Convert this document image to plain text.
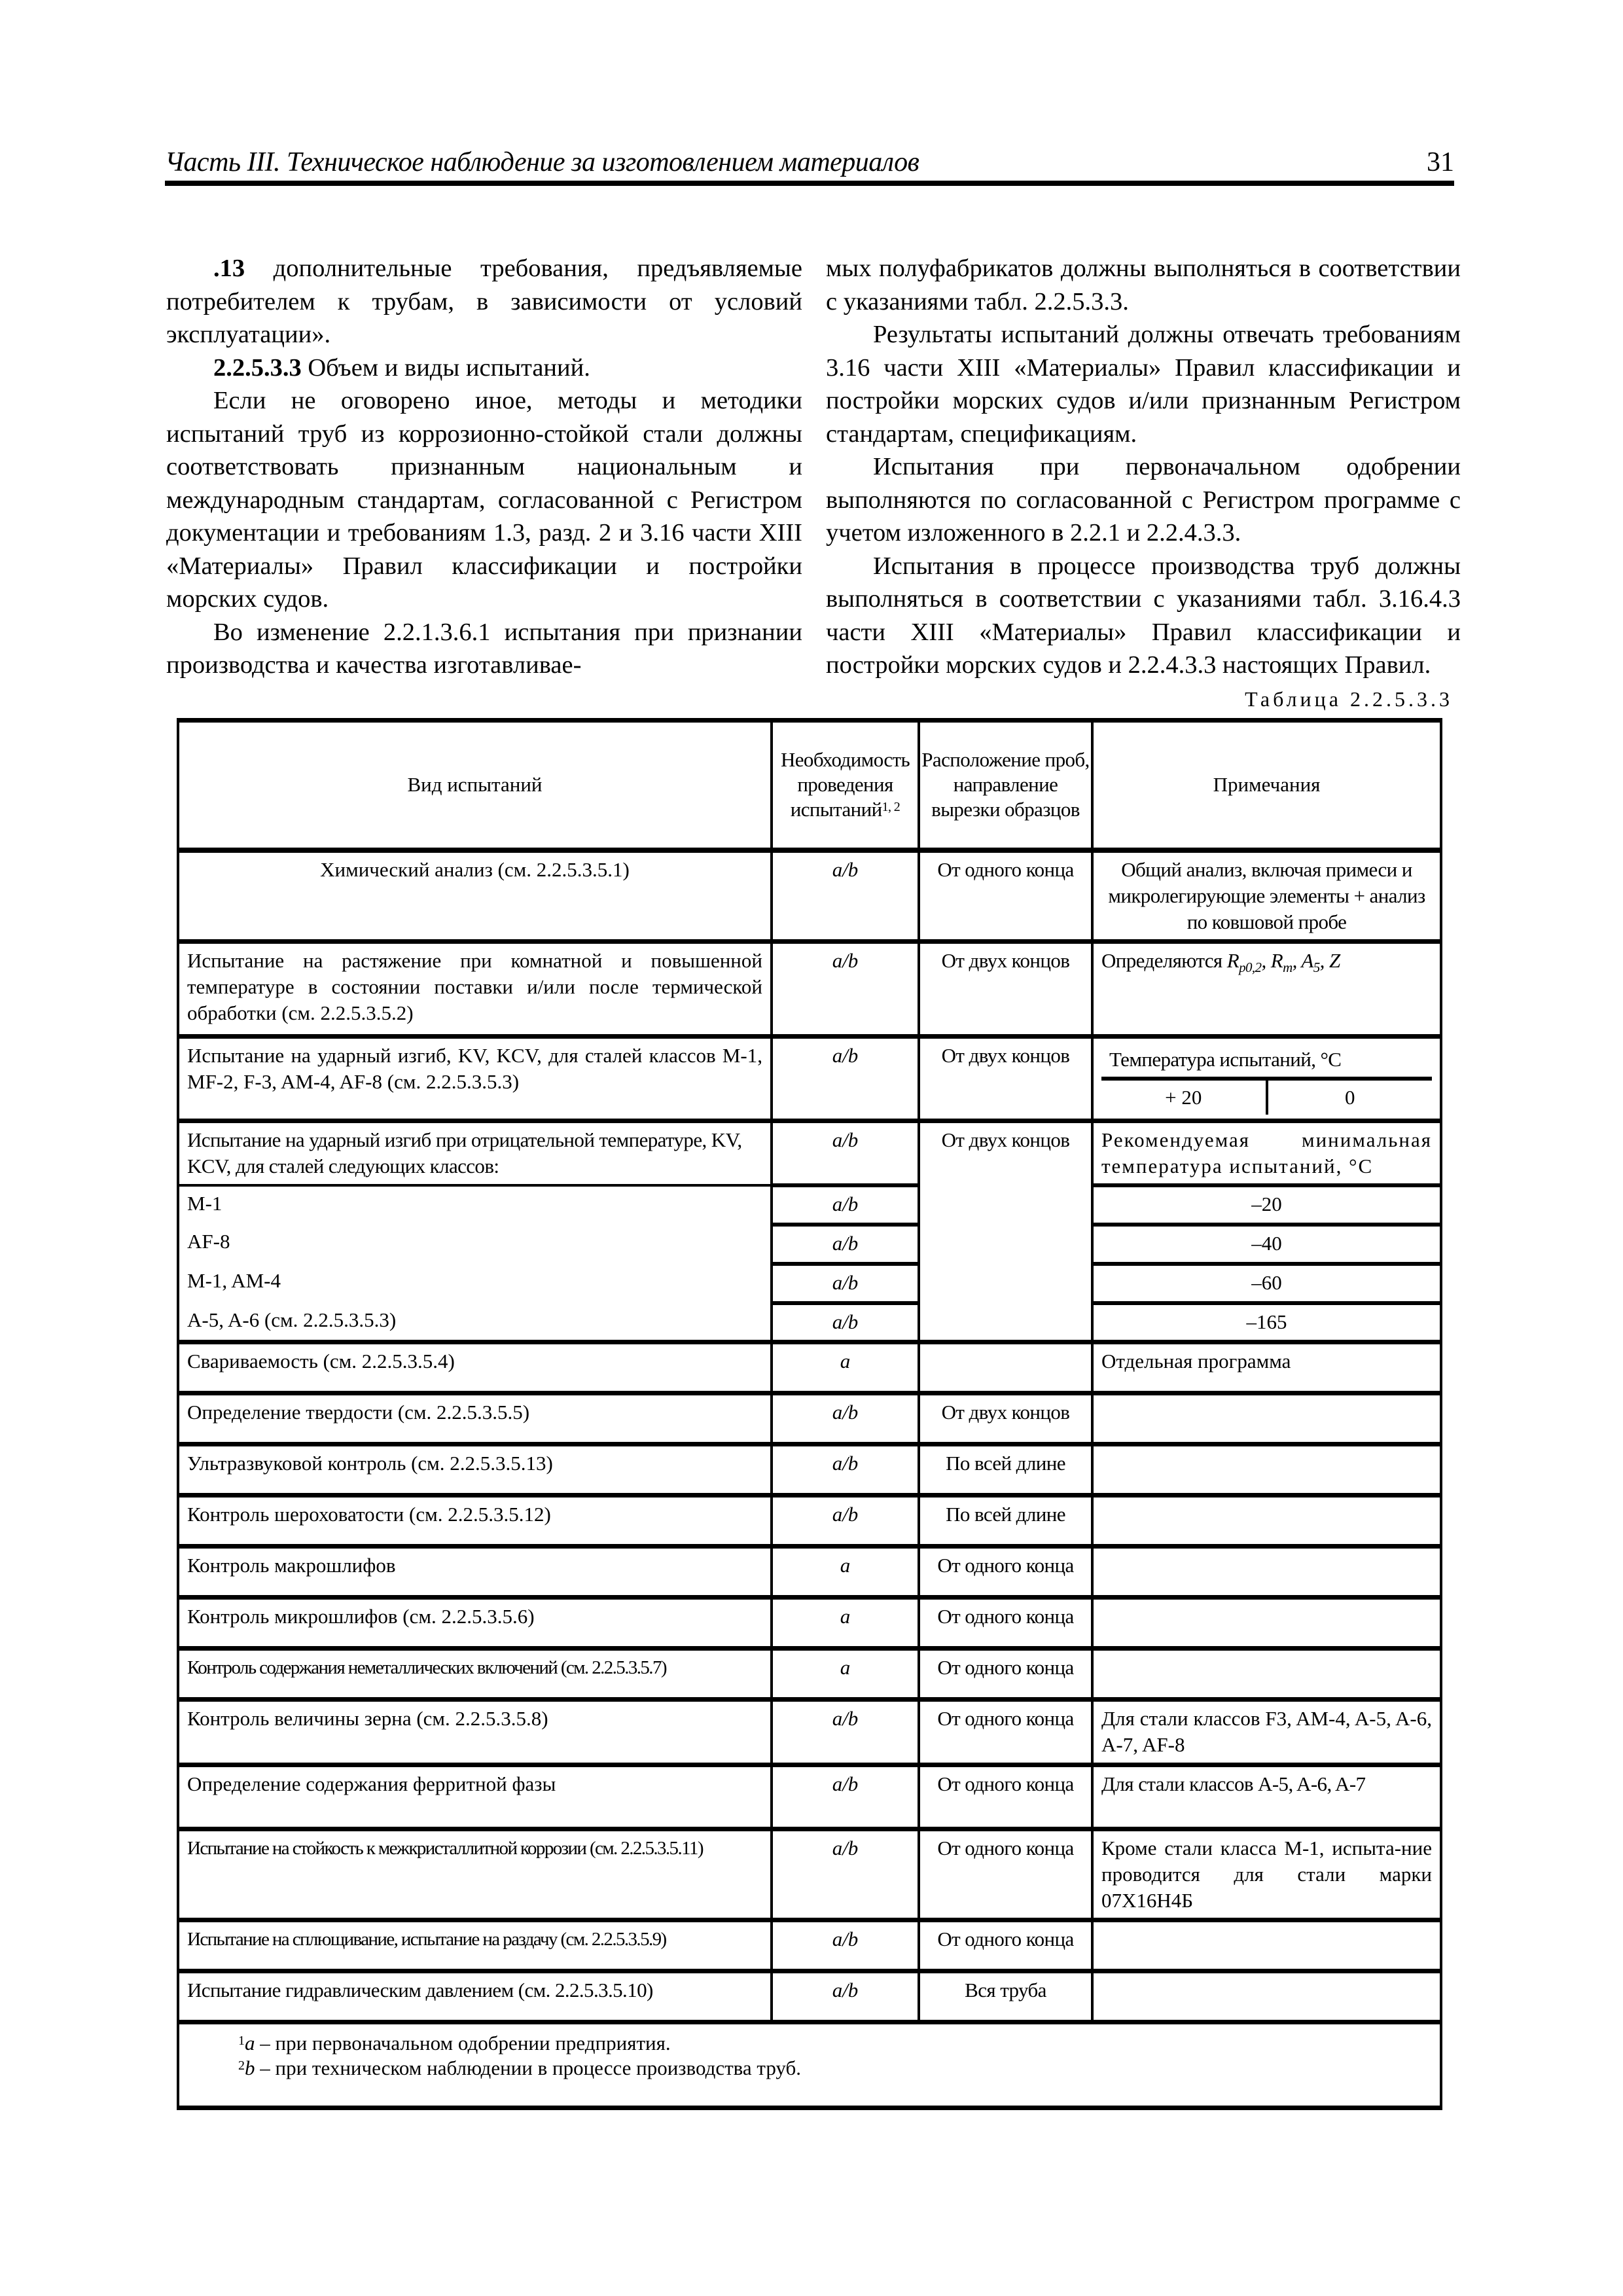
Часть III. Техническое наблюдение за изготовлением материалов	31

.13 дополнительные требования, предъявляемые потребителем к трубам, в зависимости от условий эксплуатации».

2.2.5.3.3 Объем и виды испытаний.

Если не оговорено иное, методы и методики испытаний труб из коррозионно-стойкой стали должны соответствовать признанным национальным и международным стандартам, согласованной с Регистром документации и требованиям 1.3, разд. 2 и 3.16 части XIII «Материалы» Правил классификации и постройки морских судов.

Во изменение 2.2.1.3.6.1 испытания при признании производства и качества изготавливае-

мых полуфабрикатов должны выполняться в соответствии с указаниями табл. 2.2.5.3.3.

Результаты испытаний должны отвечать требованиям 3.16 части XIII «Материалы» Правил классификации и постройки морских судов и/или признанным Регистром стандартам, спецификациям.

Испытания при первоначальном одобрении выполняются по согласованной с Регистром программе с учетом изложенного в 2.2.1 и 2.2.4.3.3.

Испытания в процессе производства труб должны выполняться в соответствии с указаниями табл. 3.16.4.3 части XIII «Материалы» Правил классификации и постройки морских судов и 2.2.4.3.3 настоящих Правил.

Таблица 2.2.5.3.3
Вид испытаний	Необходимость проведения испытаний$^{1, 2}$	Расположение проб, направление вырезки образцов	Примечания
Химический анализ (см. 2.2.5.3.5.1)	a/b	От одного конца	Общий анализ, включая примеси и микролегирующие элементы + анализ по ковшовой пробе
Испытание на растяжение при комнатной и повышенной температуре в состоянии поставки и/или после термической обработки (см. 2.2.5.3.5.2)	a/b	От двух концов	Определяются $R_{p0,2}$, $R_m$, $A_5$, Z
Испытание на ударный изгиб, KV, KCV, для сталей классов M-1, MF-2, F-3, AM-4, AF-8 (см. 2.2.5.3.5.3)	a/b	От двух концов	Температура испытаний, °С
+ 20	0

Испытание на ударный изгиб при отрицательной температуре, KV, KCV, для сталей следующих классов:	a/b	От двух концов	Рекомендуемая минимальная температура испытаний, °С
M-1	a/b	–20
AF-8	a/b	–40
M-1, AM-4	a/b	–60
A-5, A-6 (см. 2.2.5.3.5.3)	a/b	–165
Свариваемость (см. 2.2.5.3.5.4)	a		Отдельная программа
Определение твердости (см. 2.2.5.3.5.5)	a/b	От двух концов	
Ультразвуковой контроль (см. 2.2.5.3.5.13)	a/b	По всей длине	
Контроль шероховатости (см. 2.2.5.3.5.12)	a/b	По всей длине	
Контроль макрошлифов	a	От одного конца	
Контроль микрошлифов (см. 2.2.5.3.5.6)	a	От одного конца	
Контроль содержания неметаллических включений (см. 2.2.5.3.5.7)	a	От одного конца	
Контроль величины зерна (см. 2.2.5.3.5.8)	a/b	От одного конца	Для стали классов F3, AM-4, A-5, A-6, A-7, AF-8
Определение содержания ферритной фазы	a/b	От одного конца	Для стали классов A-5, A-6, A-7
Испытание на стойкость к межкристаллитной коррозии (см. 2.2.5.3.5.11)	a/b	От одного конца	Кроме стали класса M-1, испыта-ние проводится для стали марки 07Х16Н4Б
Испытание на сплющивание, испытание на раздачу (см. 2.2.5.3.5.9)	a/b	От одного конца	
Испытание гидравлическим давлением (см. 2.2.5.3.5.10)	a/b	Вся труба	

$^1$a – при первоначальном одобрении предприятия.
$^2$b – при техническом наблюдении в процессе производства труб.
